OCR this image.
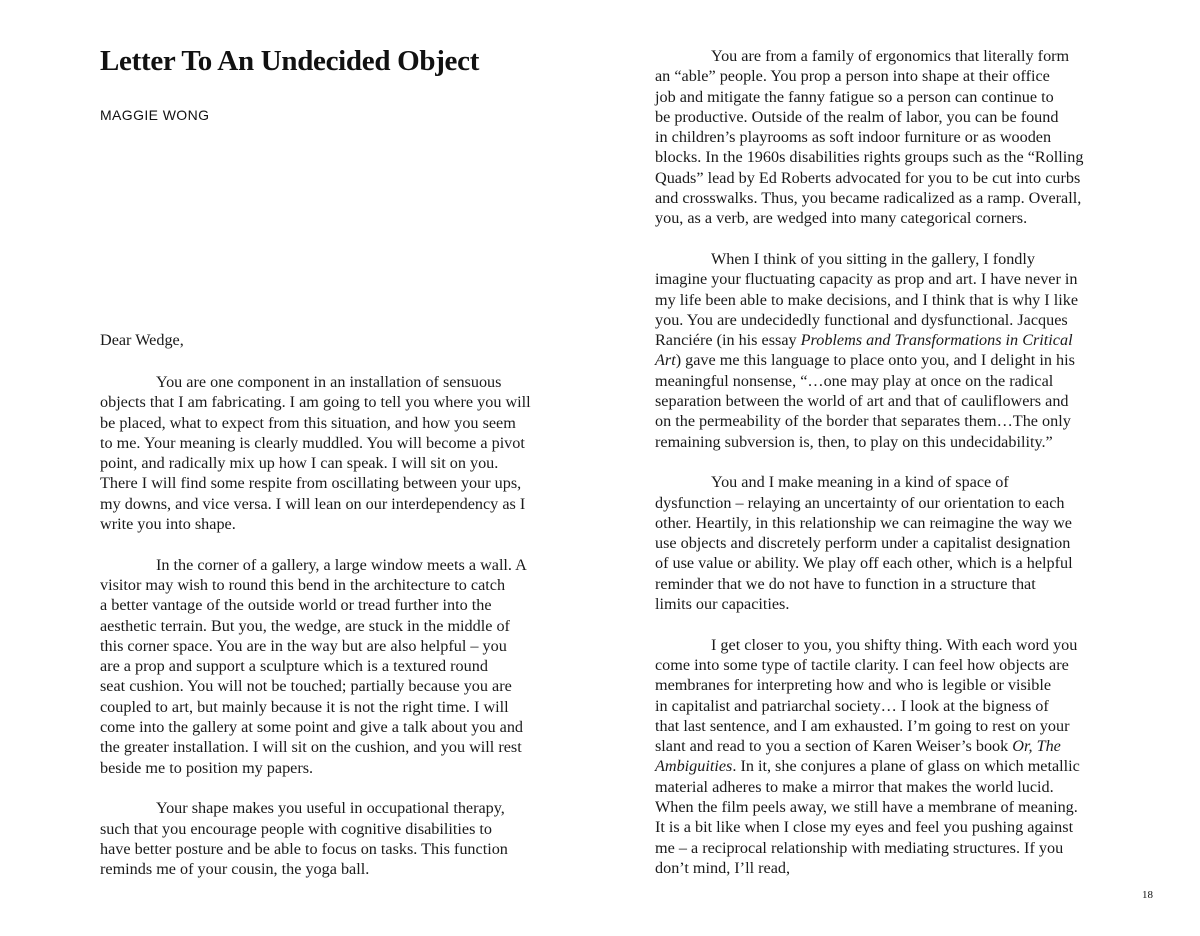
Letter To An Undecided Object
MAGGIE WONG

Dear Wedge,

You are one component in an installation of sensuous
objects that I am fabricating. I am going to tell you where you will
be placed, what to expect from this situation, and how you seem
to me. Your meaning is clearly muddled. You will become a pivot
point, and radically mix up how I can speak. I will sit on you.
There I will find some respite from oscillating between your ups,
my downs, and vice versa. I will lean on our interdependency as I
write you into shape.

In the corner of a gallery, a large window meets a wall. A
visitor may wish to round this bend in the architecture to catch
a better vantage of the outside world or tread further into the
aesthetic terrain. But you, the wedge, are stuck in the middle of
this corner space. You are in the way but are also helpful – you
are a prop and support a sculpture which is a textured round
seat cushion. You will not be touched; partially because you are
coupled to art, but mainly because it is not the right time. I will
come into the gallery at some point and give a talk about you and
the greater installation. I will sit on the cushion, and you will rest
beside me to position my papers.

Your shape makes you useful in occupational therapy,
such that you encourage people with cognitive disabilities to
have better posture and be able to focus on tasks. This function
reminds me of your cousin, the yoga ball.

You are from a family of ergonomics that literally form
an “able” people. You prop a person into shape at their office
job and mitigate the fanny fatigue so a person can continue to
be productive. Outside of the realm of labor, you can be found
in children’s playrooms as soft indoor furniture or as wooden
blocks. In the 1960s disabilities rights groups such as the “Rolling
Quads” lead by Ed Roberts advocated for you to be cut into curbs
and crosswalks. Thus, you became radicalized as a ramp. Overall,
you, as a verb, are wedged into many categorical corners.

When I think of you sitting in the gallery, I fondly
imagine your fluctuating capacity as prop and art. I have never in
my life been able to make decisions, and I think that is why I like
you. You are undecidedly functional and dysfunctional. Jacques
Ranciére (in his essay Problems and Transformations in Critical
Art) gave me this language to place onto you, and I delight in his
meaningful nonsense, “…one may play at once on the radical
separation between the world of art and that of cauliflowers and
on the permeability of the border that separates them…The only
remaining subversion is, then, to play on this undecidability.”

You and I make meaning in a kind of space of
dysfunction – relaying an uncertainty of our orientation to each
other. Heartily, in this relationship we can reimagine the way we
use objects and discretely perform under a capitalist designation
of use value or ability. We play off each other, which is a helpful
reminder that we do not have to function in a structure that
limits our capacities.

I get closer to you, you shifty thing. With each word you
come into some type of tactile clarity. I can feel how objects are
membranes for interpreting how and who is legible or visible
in capitalist and patriarchal society… I look at the bigness of
that last sentence, and I am exhausted. I’m going to rest on your
slant and read to you a section of Karen Weiser’s book Or, The
Ambiguities. In it, she conjures a plane of glass on which metallic
material adheres to make a mirror that makes the world lucid.
When the film peels away, we still have a membrane of meaning.
It is a bit like when I close my eyes and feel you pushing against
me – a reciprocal relationship with mediating structures. If you
don’t mind, I’ll read,

18
